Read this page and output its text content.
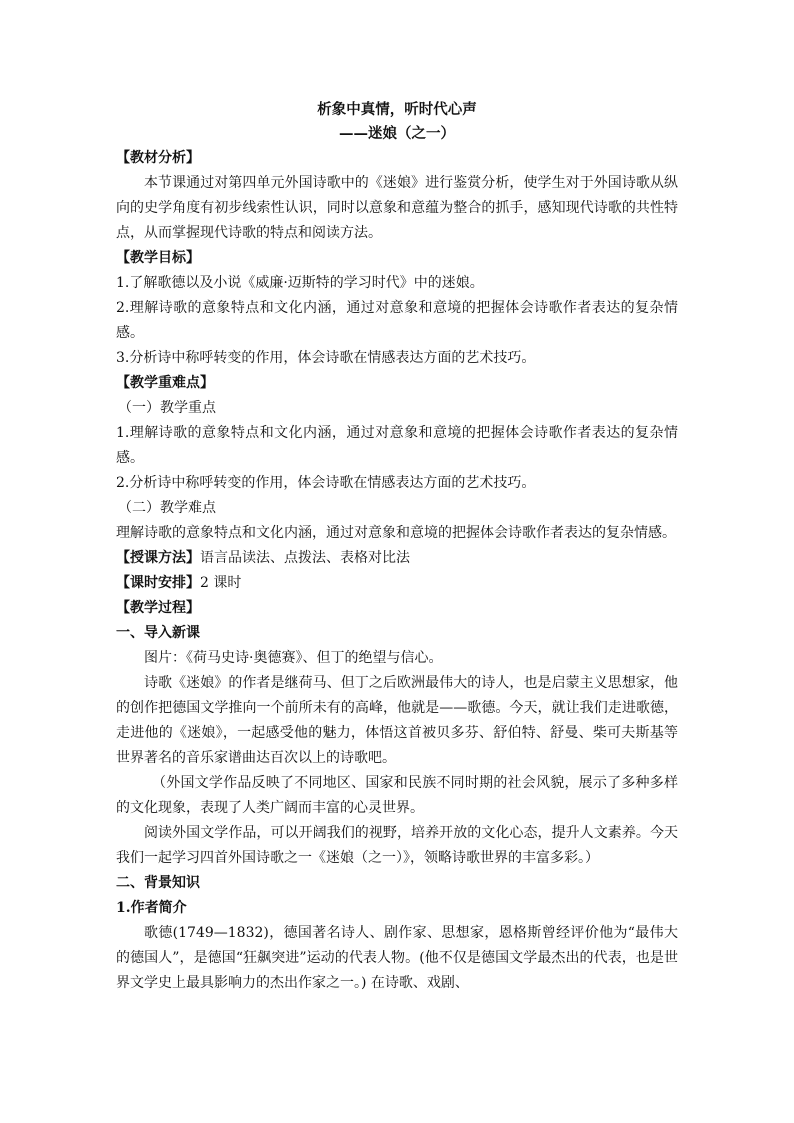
析象中真情，听时代心声
——迷娘（之一）
【教材分析】

本节课通过对第四单元外国诗歌中的《迷娘》进行鉴赏分析，使学生对于外国诗歌从纵向的史学角度有初步线索性认识，同时以意象和意蕴为整合的抓手，感知现代诗歌的共性特点，从而掌握现代诗歌的特点和阅读方法。

【教学目标】

1.了解歌德以及小说《威廉·迈斯特的学习时代》中的迷娘。

2.理解诗歌的意象特点和文化内涵，通过对意象和意境的把握体会诗歌作者表达的复杂情感。

3.分析诗中称呼转变的作用，体会诗歌在情感表达方面的艺术技巧。

【教学重难点】

（一）教学重点

1.理解诗歌的意象特点和文化内涵，通过对意象和意境的把握体会诗歌作者表达的复杂情感。

2.分析诗中称呼转变的作用，体会诗歌在情感表达方面的艺术技巧。

（二）教学难点

理解诗歌的意象特点和文化内涵，通过对意象和意境的把握体会诗歌作者表达的复杂情感。

【授课方法】语言品读法、点拨法、表格对比法
【课时安排】2 课时
【教学过程】
一、导入新课

图片：《荷马史诗·奥德赛》、但丁的绝望与信心。

诗歌《迷娘》的作者是继荷马、但丁之后欧洲最伟大的诗人，也是启蒙主义思想家，他的创作把德国文学推向一个前所未有的高峰，他就是——歌德。今天，就让我们走进歌德，走进他的《迷娘》，一起感受他的魅力，体悟这首被贝多芬、舒伯特、舒曼、柴可夫斯基等世界著名的音乐家谱曲达百次以上的诗歌吧。

（外国文学作品反映了不同地区、国家和民族不同时期的社会风貌，展示了多种多样的文化现象，表现了人类广阔而丰富的心灵世界。

阅读外国文学作品，可以开阔我们的视野，培养开放的文化心态，提升人文素养。今天我们一起学习四首外国诗歌之一《迷娘（之一）》，领略诗歌世界的丰富多彩。）

二、背景知识
1.作者简介

歌德(1749—1832)，德国著名诗人、剧作家、思想家，恩格斯曾经评价他为“最伟大的德国人”，是德国“狂飙突进”运动的代表人物。(他不仅是德国文学最杰出的代表，也是世界文学史上最具影响力的杰出作家之一。) 在诗歌、戏剧、
